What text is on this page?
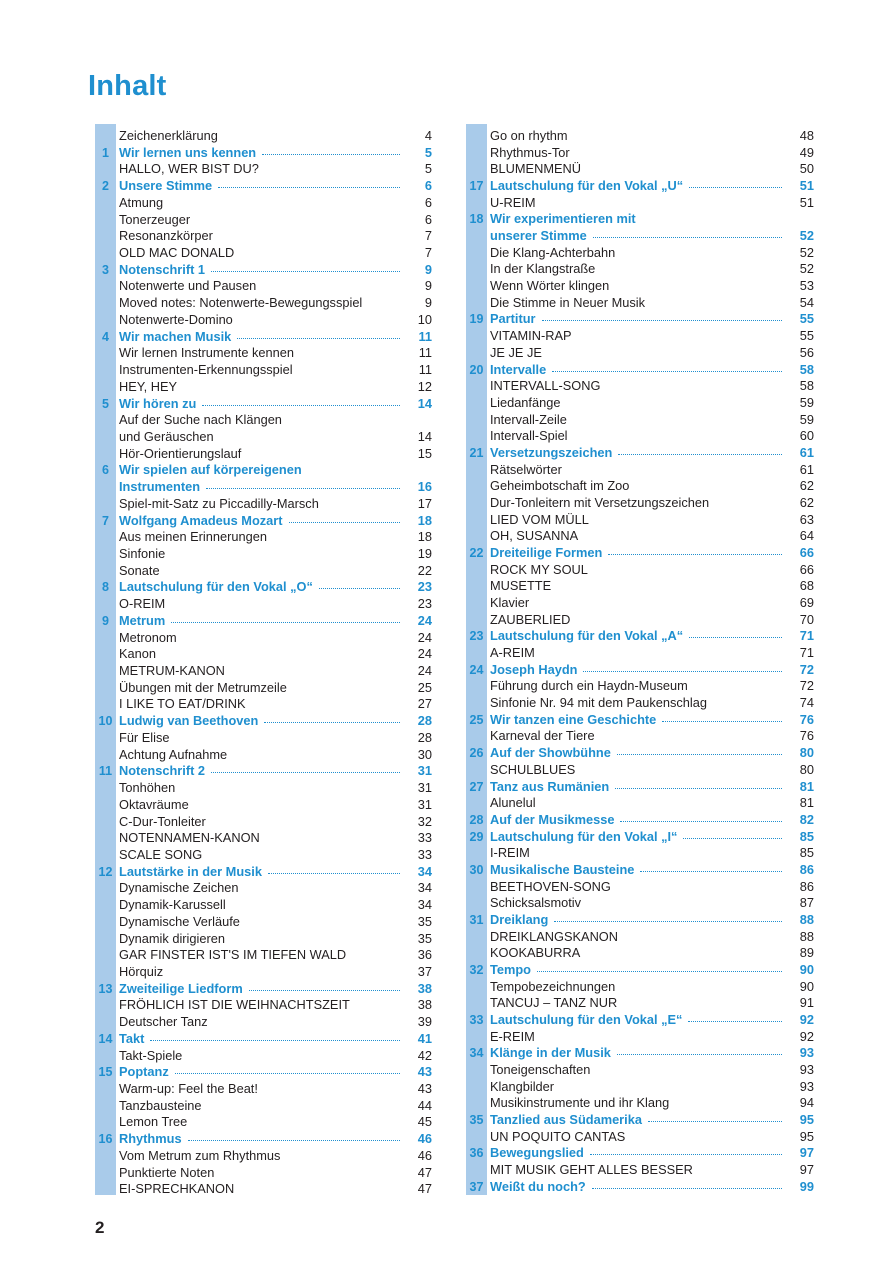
Inhalt
Zeichenerklärung	4
1 Wir lernen uns kennen	5
HALLO, WER BIST DU?	5
2 Unsere Stimme	6
Atmung	6
Tonerzeuger	6
Resonanzkörper	7
OLD MAC DONALD	7
3 Notenschrift 1	9
Notenwerte und Pausen	9
Moved notes: Notenwerte-Bewegungsspiel	9
Notenwerte-Domino	10
4 Wir machen Musik	11
Wir lernen Instrumente kennen	11
Instrumenten-Erkennungsspiel	11
HEY, HEY	12
5 Wir hören zu	14
Auf der Suche nach Klängen
und Geräuschen	14
Hör-Orientierungslauf	15
6 Wir spielen auf körpereigenen
Instrumenten	16
Spiel-mit-Satz zu Piccadilly-Marsch	17
7 Wolfgang Amadeus Mozart	18
Aus meinen Erinnerungen	18
Sinfonie	19
Sonate	22
8 Lautschulung für den Vokal „O“	23
O-REIM	23
9 Metrum	24
Metronom	24
Kanon	24
METRUM-KANON	24
Übungen mit der Metrumzeile	25
I LIKE TO EAT/DRINK	27
10 Ludwig van Beethoven	28
Für Elise	28
Achtung Aufnahme	30
11 Notenschrift 2	31
Tonhöhen	31
Oktavräume	31
C-Dur-Tonleiter	32
NOTENNAMEN-KANON	33
SCALE SONG	33
12 Lautstärke in der Musik	34
Dynamische Zeichen	34
Dynamik-Karussell	34
Dynamische Verläufe	35
Dynamik dirigieren	35
GAR FINSTER IST'S IM TIEFEN WALD	36
Hörquiz	37
13 Zweiteilige Liedform	38
FRÖHLICH IST DIE WEIHNACHTSZEIT	38
Deutscher Tanz	39
14 Takt	41
Takt-Spiele	42
15 Poptanz	43
Warm-up: Feel the Beat!	43
Tanzbausteine	44
Lemon Tree	45
16 Rhythmus	46
Vom Metrum zum Rhythmus	46
Punktierte Noten	47
EI-SPRECHKANON	47
Go on rhythm	48
Rhythmus-Tor	49
BLUMENMENÜ	50
17 Lautschulung für den Vokal „U“	51
U-REIM	51
18 Wir experimentieren mit
unserer Stimme	52
Die Klang-Achterbahn	52
In der Klangstraße	52
Wenn Wörter klingen	53
Die Stimme in Neuer Musik	54
19 Partitur	55
VITAMIN-RAP	55
JE JE JE	56
20 Intervalle	58
INTERVALL-SONG	58
Liedanfänge	59
Intervall-Zeile	59
Intervall-Spiel	60
21 Versetzungszeichen	61
Rätselwörter	61
Geheimbotschaft im Zoo	62
Dur-Tonleitern mit Versetzungszeichen	62
LIED VOM MÜLL	63
OH, SUSANNA	64
22 Dreiteilige Formen	66
ROCK MY SOUL	66
MUSETTE	68
Klavier	69
ZAUBERLIED	70
23 Lautschulung für den Vokal „A“	71
A-REIM	71
24 Joseph Haydn	72
Führung durch ein Haydn-Museum	72
Sinfonie Nr. 94 mit dem Paukenschlag	74
25 Wir tanzen eine Geschichte	76
Karneval der Tiere	76
26 Auf der Showbühne	80
SCHULBLUES	80
27 Tanz aus Rumänien	81
Alunelul	81
28 Auf der Musikmesse	82
29 Lautschulung für den Vokal „I“	85
I-REIM	85
30 Musikalische Bausteine	86
BEETHOVEN-SONG	86
Schicksalsmotiv	87
31 Dreiklang	88
DREIKLANGSKANON	88
KOOKABURRA	89
32 Tempo	90
Tempobezeichnungen	90
TANCUJ – TANZ NUR	91
33 Lautschulung für den Vokal „E“	92
E-REIM	92
34 Klänge in der Musik	93
Toneigenschaften	93
Klangbilder	93
Musikinstrumente und ihr Klang	94
35 Tanzlied aus Südamerika	95
UN POQUITO CANTAS	95
36 Bewegungslied	97
MIT MUSIK GEHT ALLES BESSER	97
37 Weißt du noch?	99
2
